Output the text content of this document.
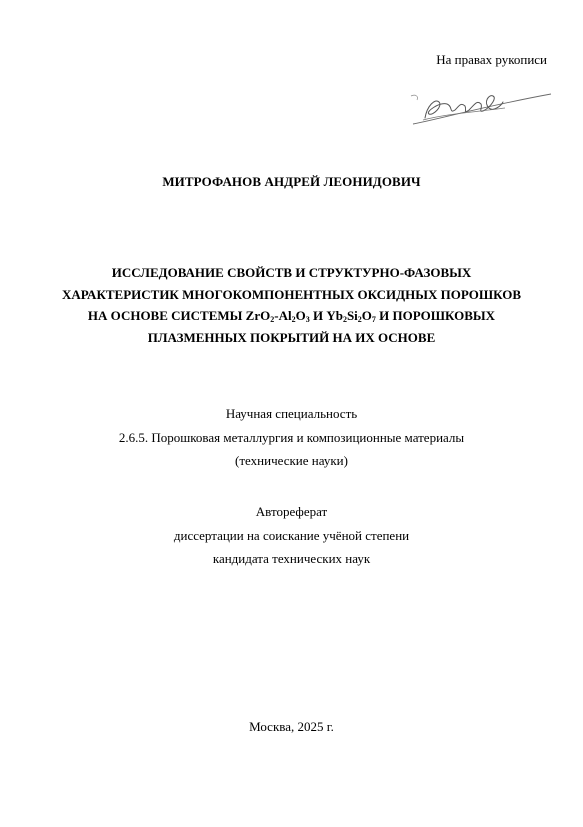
На правах рукописи
МИТРОФАНОВ АНДРЕЙ ЛЕОНИДОВИЧ
ИССЛЕДОВАНИЕ СВОЙСТВ И СТРУКТУРНО-ФАЗОВЫХ
ХАРАКТЕРИСТИК МНОГОКОМПОНЕНТНЫХ ОКСИДНЫХ ПОРОШКОВ
НА ОСНОВЕ СИСТЕМЫ $ZrO_2-Al_2O_3$ И $Yb_2Si_2O_7$ И ПОРОШКОВЫХ
ПЛАЗМЕННЫХ ПОКРЫТИЙ НА ИХ ОСНОВЕ
Научная специальность
2.6.5. Порошковая металлургия и композиционные материалы
(технические науки)
Автореферат
диссертации на соискание учёной степени
кандидата технических наук
Москва, 2025 г.
